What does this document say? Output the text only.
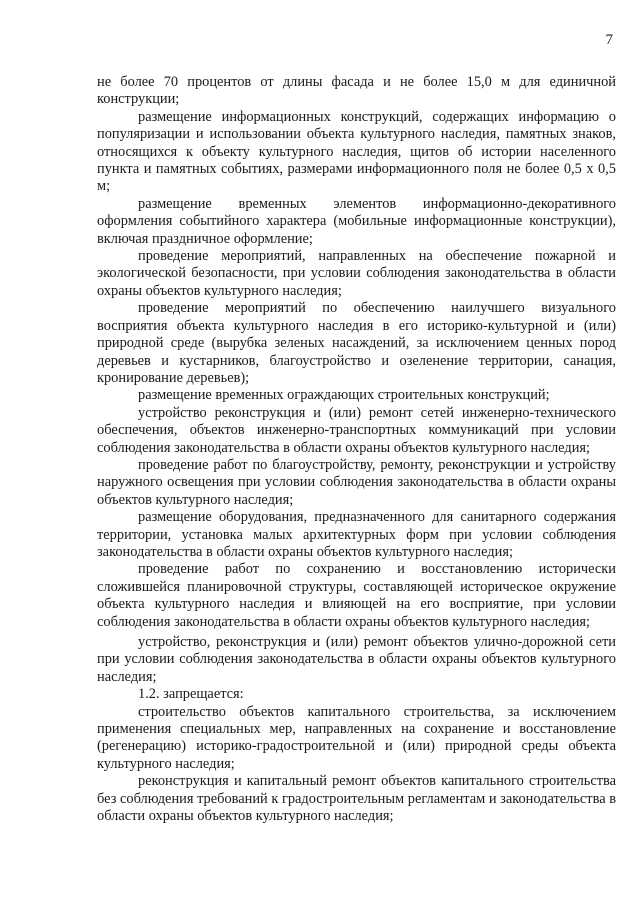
7

не более 70 процентов от длины фасада и не более 15,0 м для единичной конструкции;

размещение информационных конструкций, содержащих информацию о популяризации и использовании объекта культурного наследия, памятных знаков, относящихся к объекту культурного наследия, щитов об истории населенного пункта и памятных событиях, размерами информационного поля не более 0,5 х 0,5 м;

размещение временных элементов информационно-декоративного оформления событийного характера (мобильные информационные конструкции), включая праздничное оформление;

проведение мероприятий, направленных на обеспечение пожарной и экологической безопасности, при условии соблюдения законодательства в области охраны объектов культурного наследия;

проведение мероприятий по обеспечению наилучшего визуального восприятия объекта культурного наследия в его историко-культурной и (или) природной среде (вырубка зеленых насаждений, за исключением ценных пород деревьев и кустарников, благоустройство и озеленение территории, санация, кронирование деревьев);

размещение временных ограждающих строительных конструкций;

устройство реконструкция и (или) ремонт сетей инженерно-технического обеспечения, объектов инженерно-транспортных коммуникаций при условии соблюдения законодательства в области охраны объектов культурного наследия;

проведение работ по благоустройству, ремонту, реконструкции и устройству наружного освещения при условии соблюдения законодательства в области охраны объектов культурного наследия;

размещение оборудования, предназначенного для санитарного содержания территории, установка малых архитектурных форм при условии соблюдения законодательства в области охраны объектов культурного наследия;

проведение работ по сохранению и восстановлению исторически сложившейся планировочной структуры, составляющей историческое окружение объекта культурного наследия и влияющей на его восприятие, при условии соблюдения законодательства в области охраны объектов культурного наследия;

устройство, реконструкция и (или) ремонт объектов улично-дорожной сети при условии соблюдения законодательства в области охраны объектов культурного наследия;

1.2. запрещается:

строительство объектов капитального строительства, за исключением применения специальных мер, направленных на сохранение и восстановление (регенерацию) историко-градостроительной и (или) природной среды объекта культурного наследия;

реконструкция и капитальный ремонт объектов капитального строительства без соблюдения требований к градостроительным регламентам и законодательства в области охраны объектов культурного наследия;
